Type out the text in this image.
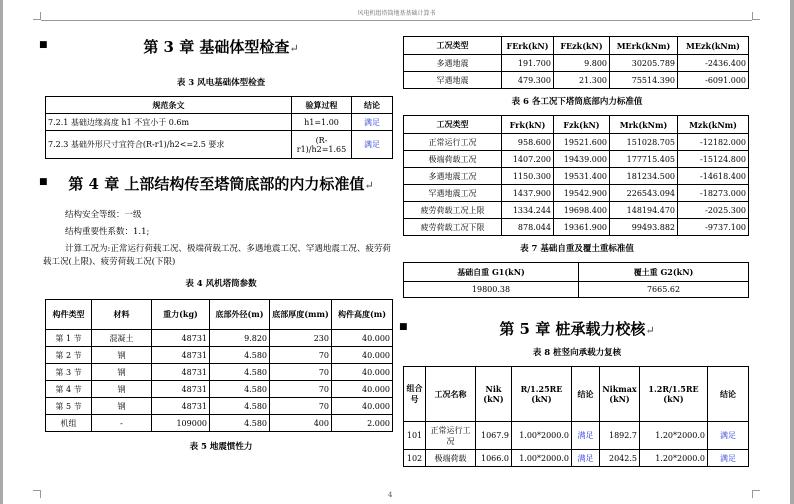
风电机组塔筒地基基础计算书
■	第 3 章 基础体型检查↵
表 3 风电基础体型检查
规范条文	验算过程	结论
7.2.1 基础边缘高度 h1 不宜小于 0.6m	h1=1.00	满足
7.2.3 基础外形尺寸宜符合(R-r1)/h2<=2.5 要求	(R-r1)/h2=1.65	满足
■ 第 4 章 上部结构传至塔筒底部的内力标准值↵
结构安全等级：一级
结构重要性系数：1.1;
计算工况为:正常运行荷载工况、极端荷载工况、多遇地震工况、罕遇地震工况、疲劳荷载工况(上限)、疲劳荷载工况(下限)
表 4 风机塔筒参数
构件类型	材料	重力(kg)	底部外径(m)	底部厚度(mm)	构件高度(m)
第 1 节	混凝土	48731	9.820	230	40.000
第 2 节	钢	48731	4.580	70	40.000
第 3 节	钢	48731	4.580	70	40.000
第 4 节	钢	48731	4.580	70	40.000
第 5 节	钢	48731	4.580	70	40.000
机组	-	109000	4.580	400	2.000
表 5 地震惯性力
工况类型	FErk(kN)	FEzk(kN)	MErk(kNm)	MEzk(kNm)
多遇地震	191.700	9.800	30205.789	-2436.400
罕遇地震	479.300	21.300	75514.390	-6091.000
表 6 各工况下塔筒底部内力标准值
工况类型	Frk(kN)	Fzk(kN)	Mrk(kNm)	Mzk(kNm)
正常运行工况	958.600	19521.600	151028.705	-12182.000
极端荷载工况	1407.200	19439.000	177715.405	-15124.800
多遇地震工况	1150.300	19531.400	181234.500	-14618.400
罕遇地震工况	1437.900	19542.900	226543.094	-18273.000
疲劳荷载工况上限	1334.244	19698.400	148194.470	-2025.300
疲劳荷载工况下限	878.044	19361.900	99493.882	-9737.100
表 7 基础自重及覆土重标准值
基础自重 G1(kN)	覆土重 G2(kN)
19800.38	7665.62
■	第 5 章 桩承载力校核↵
表 8 桩竖向承载力复核
组合号	工况名称	Nik (kN)	R/1.25RE (kN)	结论	Nikmax (kN)	1.2R/1.5RE (kN)	结论
101	正常运行工况	1067.9	1.00*2000.0	满足	1892.7	1.20*2000.0	满足
102	极端荷载	1066.0	1.00*2000.0	满足	2042.5	1.20*2000.0	满足
4
